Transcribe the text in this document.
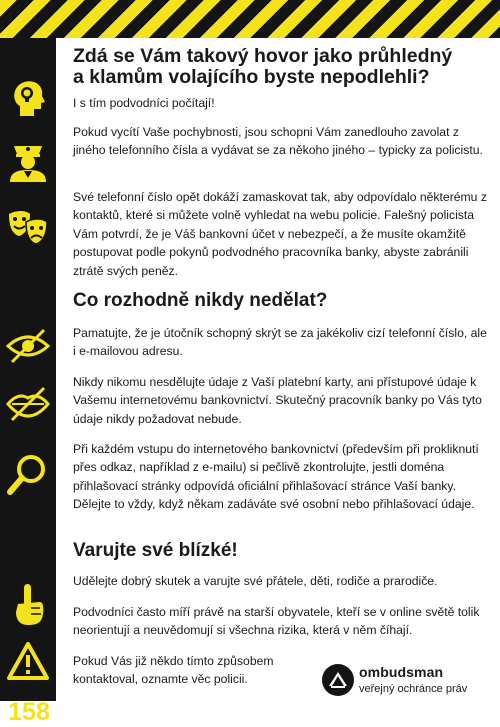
158
Zdá se Vám takový hovor jako průhledný
a klamům volajícího byste nepodlehli?

I s tím podvodníci počítají!

Pokud vycítí Vaše pochybnosti, jsou schopni Vám zanedlouho zavolat z jiného telefonního čísla a vydávat se za někoho jiného – typicky za policistu.

Své telefonní číslo opět dokáží zamaskovat tak, aby odpovídalo některému z kontaktů, které si můžete volně vyhledat na webu policie. Falešný policista Vám potvrdí, že je Váš bankovní účet v nebezpečí, a že musíte okamžitě postupovat podle pokynů podvodného pracovníka banky, abyste zabránili ztrátě svých peněz.

Co rozhodně nikdy nedělat?

Pamatujte, že je útočník schopný skrýt se za jakékoliv cizí telefonní číslo, ale i e-mailovou adresu.

Nikdy nikomu nesdělujte údaje z Vaší platební karty, ani přístupové údaje k Vašemu internetovému bankovnictví. Skutečný pracovník banky po Vás tyto údaje nikdy požadovat nebude.

Při každém vstupu do internetového bankovnictví (především při prokliknutí přes odkaz, například z e-mailu) si pečlivě zkontrolujte, jestli doména přihlašovací stránky odpovídá oficiální přihlašovací stránce Vaší banky. Dělejte to vždy, když někam zadáváte své osobní nebo přihlašovací údaje.

Varujte své blízké!

Udělejte dobrý skutek a varujte své přátele, děti, rodiče a prarodiče.

Podvodníci často míří právě na starší obyvatele, kteří se v online světě tolik neorientují a neuvědomují si všechna rizika, která v něm číhají.

Pokud Vás již někdo tímto způsobem kontaktoval, oznamte věc policii.	ombudsman
veřejný ochránce práv
